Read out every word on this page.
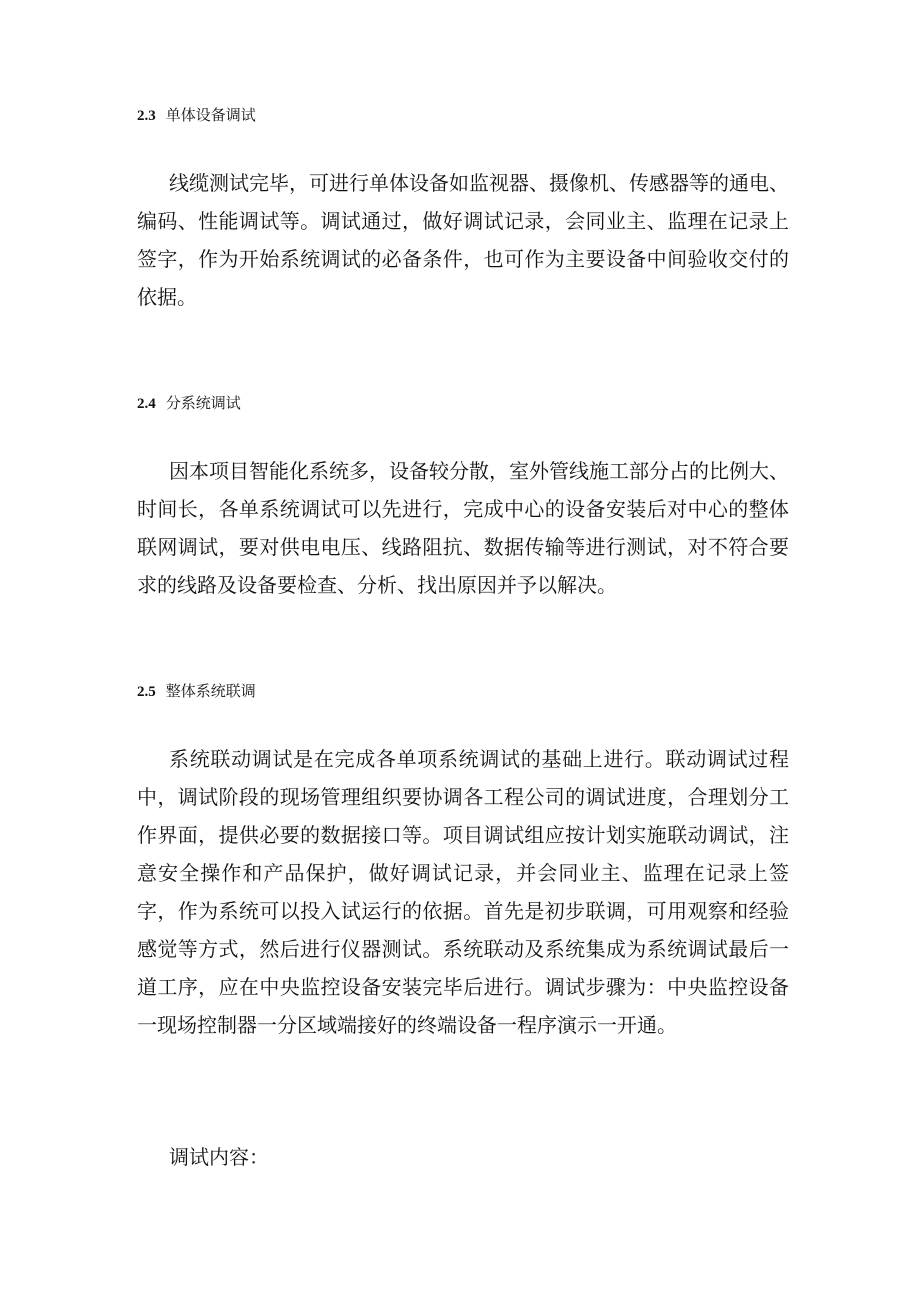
2.3 单体设备调试

线缆测试完毕，可进行单体设备如监视器、摄像机、传感器等的通电、编码、性能调试等。调试通过，做好调试记录，会同业主、监理在记录上签字，作为开始系统调试的必备条件，也可作为主要设备中间验收交付的依据。

2.4 分系统调试

因本项目智能化系统多，设备较分散，室外管线施工部分占的比例大、时间长，各单系统调试可以先进行，完成中心的设备安装后对中心的整体联网调试，要对供电电压、线路阻抗、数据传输等进行测试，对不符合要求的线路及设备要检查、分析、找出原因并予以解决。

2.5 整体系统联调

系统联动调试是在完成各单项系统调试的基础上进行。联动调试过程中，调试阶段的现场管理组织要协调各工程公司的调试进度，合理划分工作界面，提供必要的数据接口等。项目调试组应按计划实施联动调试，注意安全操作和产品保护，做好调试记录，并会同业主、监理在记录上签字，作为系统可以投入试运行的依据。首先是初步联调，可用观察和经验感觉等方式，然后进行仪器测试。系统联动及系统集成为系统调试最后一道工序，应在中央监控设备安装完毕后进行。调试步骤为：中央监控设备一现场控制器一分区域端接好的终端设备一程序演示一开通。

调试内容：
